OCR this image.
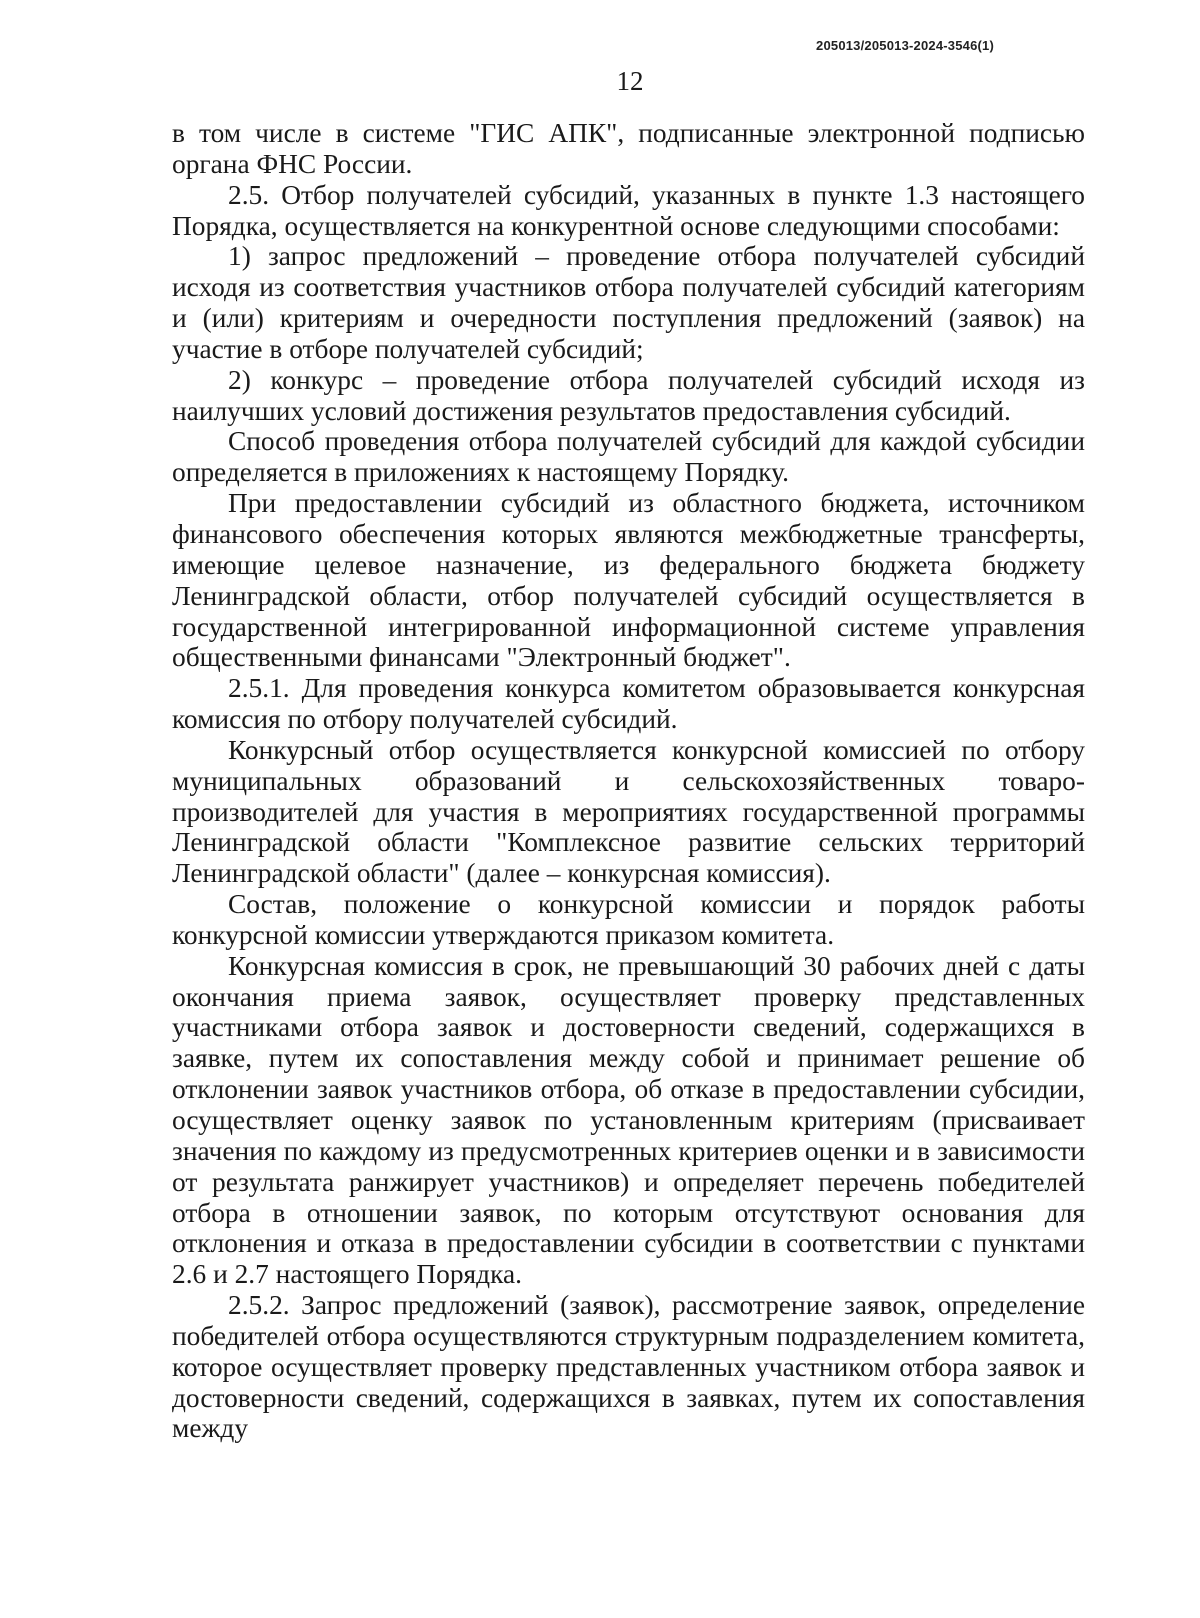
205013/205013-2024-3546(1)
12

в том числе в системе "ГИС АПК", подписанные электронной подписью органа ФНС России.

2.5. Отбор получателей субсидий, указанных в пункте 1.3 настоящего Порядка, осуществляется на конкурентной основе следующими способами:

1) запрос предложений – проведение отбора получателей субсидий исходя из соответствия участников отбора получателей субсидий категориям и (или) критериям и очередности поступления предложений (заявок) на участие в отборе получателей субсидий;

2) конкурс – проведение отбора получателей субсидий исходя из наилучших условий достижения результатов предоставления субсидий.

Способ проведения отбора получателей субсидий для каждой субсидии определяется в приложениях к настоящему Порядку.

При предоставлении субсидий из областного бюджета, источником финансового обеспечения которых являются межбюджетные трансферты, имеющие целевое назначение, из федерального бюджета бюджету Ленинградской области, отбор получателей субсидий осуществляется в государственной интегрированной информационной системе управления общественными финансами "Электронный бюджет".

2.5.1. Для проведения конкурса комитетом образовывается конкурсная комиссия по отбору получателей субсидий.

Конкурсный отбор осуществляется конкурсной комиссией по отбору муниципальных образований и сельскохозяйственных товаро-производителей для участия в мероприятиях государственной программы Ленинградской области "Комплексное развитие сельских территорий Ленинградской области" (далее – конкурсная комиссия).

Состав, положение о конкурсной комиссии и порядок работы конкурсной комиссии утверждаются приказом комитета.

Конкурсная комиссия в срок, не превышающий 30 рабочих дней с даты окончания приема заявок, осуществляет проверку представленных участниками отбора заявок и достоверности сведений, содержащихся в заявке, путем их сопоставления между собой и принимает решение об отклонении заявок участников отбора, об отказе в предоставлении субсидии, осуществляет оценку заявок по установленным критериям (присваивает значения по каждому из предусмотренных критериев оценки и в зависимости от результата ранжирует участников) и определяет перечень победителей отбора в отношении заявок, по которым отсутствуют основания для отклонения и отказа в предоставлении субсидии в соответствии с пунктами 2.6 и 2.7 настоящего Порядка.

2.5.2. Запрос предложений (заявок), рассмотрение заявок, определение победителей отбора осуществляются структурным подразделением комитета, которое осуществляет проверку представленных участником отбора заявок и достоверности сведений, содержащихся в заявках, путем их сопоставления между
